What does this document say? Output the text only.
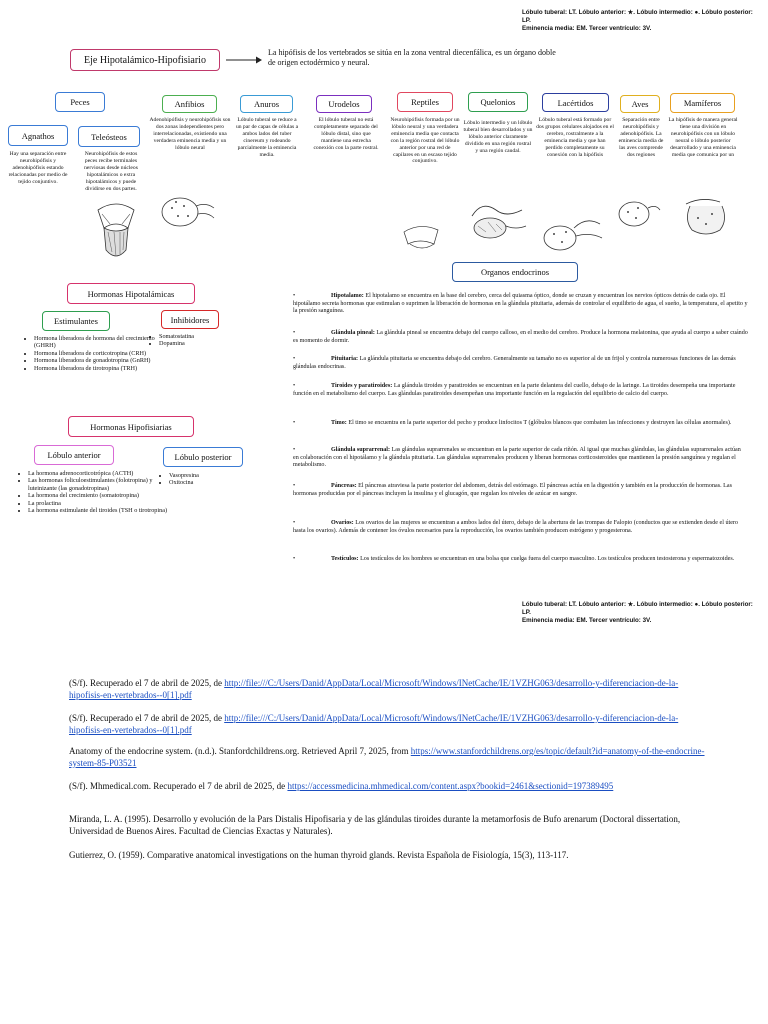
Lóbulo tuberal: LT. Lóbulo anterior: ★. Lóbulo intermedio: ●. Lóbulo posterior: LP.
Eminencia media: EM. Tercer ventrículo: 3V.
Eje Hipotalámico-Hipofisiario
La hipófisis de los vertebrados se sitúa en la zona ventral diecenfálica, es un órgano doble de origen ectodérmico y neural.
Peces	Anfibios	Anuros	Urodelos	Reptiles	Quelonios	Lacértidos	Aves	Mamíferos
Agnathos	Teleósteos
Hay una separación entre neurohipófisis y adenohipófisis estando relacionadas por medio de tejido conjuntivo.
Neurohipófisis de estos peces recibe terminales nerviosas desde núcleos hipotalámicos o extra hipotalámicos y puede dividirse en dos partes.
Adenohipófisis y neurohipófisis son dos zonas independientes pero interrelacionadas, existiendo una verdadera eminencia media y un lóbulo neural
Lóbulo tuberal se reduce a un par de capas de células a ambos lados del tuber cinereum y rodeando parcialmente la eminencia media.
El lóbulo tuberal no está completamente separado del lóbulo distal, sino que mantiene una estrecha conexión con la parte rostral.
Neurohipófisis formada por un lóbulo neural y una verdadera eminencia media que contacta con la región rostral del lóbulo anterior por una red de capilares en un escaso tejido conjuntivo.
Lóbulo intermedio y un lóbulo tuberal bien desarrollados y un lóbulo anterior claramente dividido en una región rostral y una región caudal.
Lóbulo tuberal está formado por dos grupos celulares alojados en el cerebro, rostralmente a la eminencia media y que han perdido completamente su conexión con la hipófisis
Separación entre neurohipófisis y adenohipófisis. La eminencia media de las aves comprende dos regiones
La hipófisis de manera general tiene una división en neurohipófisis con un lóbulo neural o lóbulo posterior desarrollado y una eminencia media que comunica por un
Organos endocrinos
•	Hipotalamo: El hipotalamo se encuentra en la base del cerebro, cerca del quiasma óptico, donde se cruzan y encuentran los nervios ópticos detrás de cada ojo. El hipotálamo secreta hormonas que estimulan o suprimen la liberación de hormonas en la glándula pituitaria, además de controlar el equilibrio de agua, el sueño, la temperatura, el apetito y la presión sanguínea.
•	Glándula pineal: La glándula pineal se encuentra debajo del cuerpo calloso, en el medio del cerebro. Produce la hormona melatonina, que ayuda al cuerpo a saber cuándo es momento de dormir.
•	Pituitaria: La glándula pituitaria se encuentra debajo del cerebro. Generalmente su tamaño no es superior al de un frijol y controla numerosas funciones de las demás glándulas endocrinas.
•	Tiroides y paratiroides: La glándula tiroides y paratiroides se encuentran en la parte delantera del cuello, debajo de la laringe. La tiroides desempeña una importante función en el metabolismo del cuerpo. Las glándulas paratiroides desempeñan una importante función en la regulación del equilibrio de calcio del cuerpo.
•	Timo: El timo se encuentra en la parte superior del pecho y produce linfocitos T (glóbulos blancos que combaten las infecciones y destruyen las células anormales).
•	Glándula suprarrenal: Las glándulas suprarrenales se encuentran en la parte superior de cada riñón. Al igual que muchas glándulas, las glándulas suprarrenales actúan en colaboración con el hipotálamo y la glándula pituitaria. Las glándulas suprarrenales producen y liberan hormonas corticosteroides que mantienen la presión sanguínea y regulan el metabolismo.
•	Páncreas: El páncreas atraviesa la parte posterior del abdomen, detrás del estómago. El páncreas actúa en la digestión y también en la producción de hormonas. Las hormonas producidas por el páncreas incluyen la insulina y el glucagón, que regulan los niveles de azúcar en sangre.
•	Ovarios: Los ovarios de las mujeres se encuentran a ambos lados del útero, debajo de la abertura de las trompas de Falopio (conductos que se extienden desde el útero hasta los ovarios). Además de contener los óvulos necesarios para la reproducción, los ovarios también producen estrógeno y progesterona.
•	Testículos: Los testículos de los hombres se encuentran en una bolsa que cuelga fuera del cuerpo masculino. Los testículos producen testosterona y espermatozoides.
Hormonas Hipotalámicas
Estimulantes	Inhibidores
• Hormona liberadora de hormona del crecimiento (GHRH)
• Hormona liberadora de corticotropina (CRH)
• Hormona liberadora de gonadotropina (GnRH)
• Hormona liberadora de tirotropina (TRH)
• Somatostatina
• Dopamina
Hormonas Hipofisiarias
Lóbulo anterior	Lóbulo posterior
• La hormona adrenocorticotrópica (ACTH)
• Las hormonas foliculoestimulantes (folotropina) y luteinizante (las gonadotropinas)
• La hormona del crecimiento (somatotropina)
• La prolactina
• La hormona estimulante del tiroides (TSH o tirotropina)
• Vasopresina
• Oxitocina
Lóbulo tuberal: LT. Lóbulo anterior: ★. Lóbulo intermedio: ●. Lóbulo posterior: LP.
Eminencia media: EM. Tercer ventrículo: 3V.
(S/f). Recuperado el 7 de abril de 2025, de http://file:///C:/Users/Danid/AppData/Local/Microsoft/Windows/INetCache/IE/1VZHG063/desarrollo-y-diferenciacion-de-la-hipofisis-en-vertebrados--0[1].pdf
(S/f). Recuperado el 7 de abril de 2025, de http://file:///C:/Users/Danid/AppData/Local/Microsoft/Windows/INetCache/IE/1VZHG063/desarrollo-y-diferenciacion-de-la-hipofisis-en-vertebrados--0[1].pdf
Anatomy of the endocrine system. (n.d.). Stanfordchildrens.org. Retrieved April 7, 2025, from https://www.stanfordchildrens.org/es/topic/default?id=anatomy-of-the-endocrine-system-85-P03521
(S/f). Mhmedical.com. Recuperado el 7 de abril de 2025, de https://accessmedicina.mhmedical.com/content.aspx?bookid=2461&sectionid=197389495
Miranda, L. A. (1995). Desarrollo y evolución de la Pars Distalis Hipofisaria y de las glándulas tiroides durante la metamorfosis de Bufo arenarum (Doctoral dissertation, Universidad de Buenos Aires. Facultad de Ciencias Exactas y Naturales).
Gutierrez, O. (1959). Comparative anatomical investigations on the human thyroid glands. Revista Española de Fisiología, 15(3), 113-117.
